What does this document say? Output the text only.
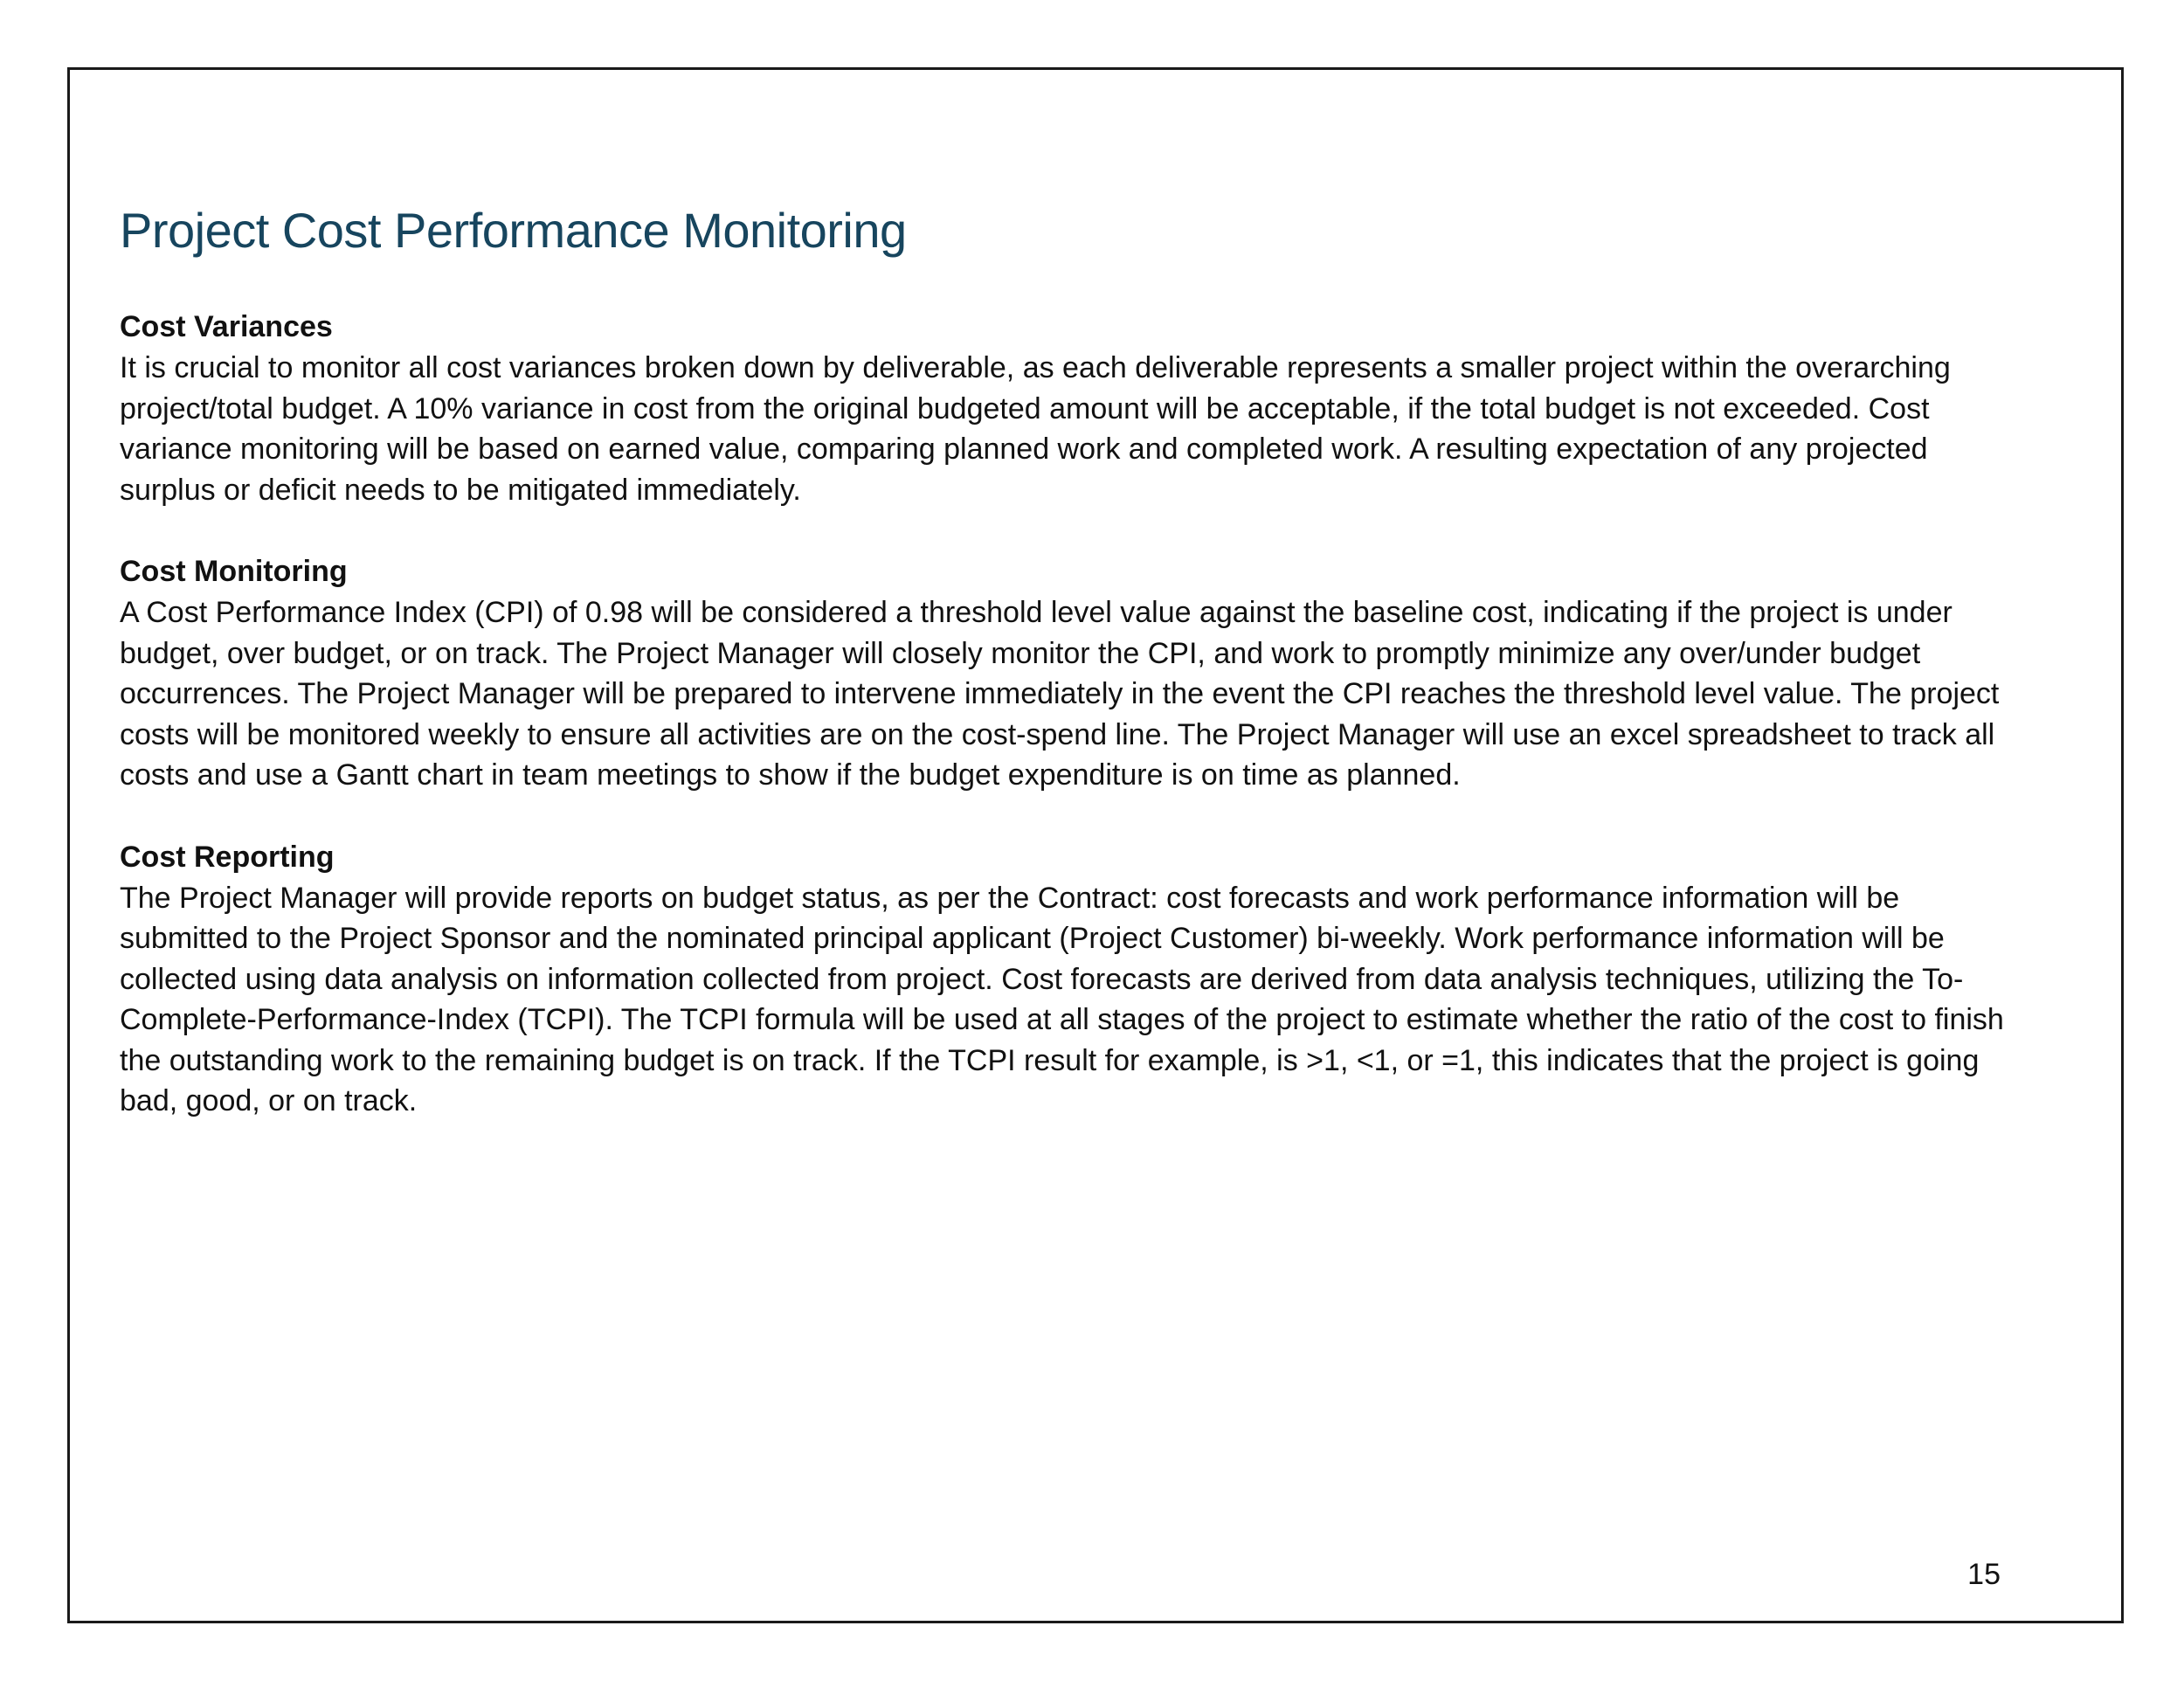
Project Cost Performance Monitoring
Cost Variances

It is crucial to monitor all cost variances broken down by deliverable, as each deliverable represents a smaller project within the overarching project/total budget. A 10% variance in cost from the original budgeted amount will be acceptable, if the total budget is not exceeded. Cost variance monitoring will be based on earned value, comparing planned work and completed work. A resulting expectation of any projected surplus or deficit needs to be mitigated immediately.

Cost Monitoring

A Cost Performance Index (CPI) of 0.98 will be considered a threshold level value against the baseline cost, indicating if the project is under budget, over budget, or on track. The Project Manager will closely monitor the CPI, and work to promptly minimize any over/under budget occurrences. The Project Manager will be prepared to intervene immediately in the event the CPI reaches the threshold level value. The project costs will be monitored weekly to ensure all activities are on the cost-spend line. The Project Manager will use an excel spreadsheet to track all costs and use a Gantt chart in team meetings to show if the budget expenditure is on time as planned.

Cost Reporting

The Project Manager will provide reports on budget status, as per the Contract: cost forecasts and work performance information will be submitted to the Project Sponsor and the nominated principal applicant (Project Customer) bi-weekly. Work performance information will be collected using data analysis on information collected from project. Cost forecasts are derived from data analysis techniques, utilizing the To-Complete-Performance-Index (TCPI). The TCPI formula will be used at all stages of the project to estimate whether the ratio of the cost to finish the outstanding work to the remaining budget is on track. If the TCPI result for example, is >1, <1, or =1, this indicates that the project is going bad, good, or on track.

15
